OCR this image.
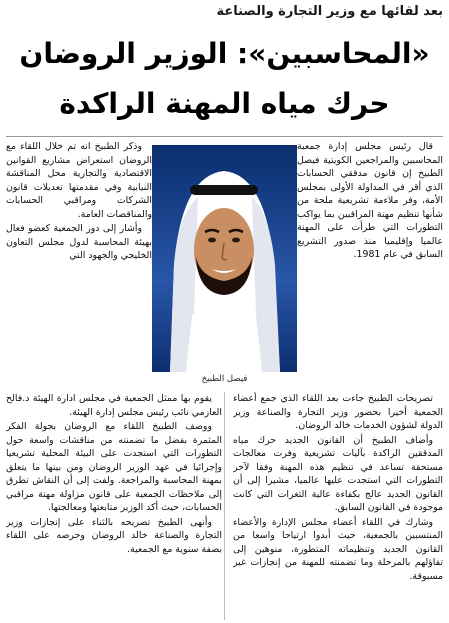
بعد لقائها مع وزير التجارة والصناعة
«المحاسبين»: الوزير الروضان
حرك مياه المهنة الراكدة

قال رئيس مجلس إدارة جمعية المحاسبين والمراجعين الكويتية فيصل الطبيخ إن قانون مدققي الحسابات الذي أقر في المداولة الأولى بمجلس الأمة، وفر ملاءمة تشريعية ملحة من شأنها تنظيم مهنة المراقبين بما يواكب التطورات التي طرأت على المهنة عالميا وإقليميا منذ صدور التشريع السابق في عام 1981.

فيصل الطبيخ

وذكر الطبيخ انه تم خلال اللقاء مع الروضان استعراض مشاريع القوانين الاقتصادية والتجارية محل المناقشة النيابية وفي مقدمتها تعديلات قانون الشركات ومراقبي الحسابات والمناقصات العامة.

وأشار إلى دور الجمعية كعضو فعال بهيئة المحاسبة لدول مجلس التعاون الخليجي والجهود التي

تصريحات الطبيخ جاءت بعد اللقاء الذي جمع أعضاء الجمعية أخيرا بحضور وزير التجارة والصناعة وزير الدولة لشؤون الخدمات خالد الروضان.

وأضاف الطبيخ أن القانون الجديد حرك مياه المدققين الراكدة بآليات تشريعية وفرت معالجات مستحقة تساعد في تنظيم هذه المهنة وفقا لآخر التطورات التي استجدت عليها عالميا، مشيرا إلى أن القانون الجديد عالج بكفاءة عالية الثغرات التي كانت موجودة في القانون السابق.

وشارك في اللقاء أعضاء مجلس الإدارة والأعضاء المنتسبين بالجمعية، حيث أبدوا ارتياحا واسعا من القانون الجديد وتنظيماته المتطورة، منوهين إلى تفاؤلهم بالمرحلة وما تضمنته للمهنة من إنجازات غير مسبوقة.

يقوم بها ممثل الجمعية في مجلس ادارة الهيئة د.فالح العازمي نائب رئيس مجلس إدارة الهيئة.

ووصف الطبيخ اللقاء مع الروضان بجولة الفكر المثمرة بفضل ما تضمنته من مناقشات واسعة حول التطورات التي استجدت على البيئة المحلية تشريعيا وإجرائيا في عهد الوزير الروضان ومن بينها ما يتعلق بمهنة المحاسبة والمراجعة. ولفت إلى أن النقاش تطرق إلى ملاحظات الجمعية على قانون مزاولة مهنة مراقبي الحسابات، حيث أكد الوزير متابعتها ومعالجتها.

وأنهى الطبيخ تصريحه بالثناء على إنجازات وزير التجارة والصناعة خالد الروضان وحرصه على اللقاء بصفة سنوية مع الجمعية.
